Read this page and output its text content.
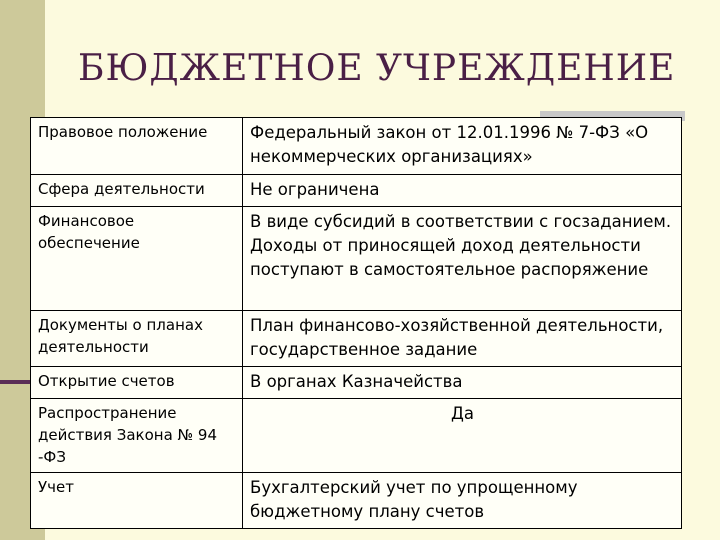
БЮДЖЕТНОЕ УЧРЕЖДЕНИЕ
Правовое положение	Федеральный закон от 12.01.1996 № 7-ФЗ «О некоммерческих организациях»
Сфера деятельности	Не ограничена
Финансовое обеспечение	В виде субсидий в соответствии с госзаданием. Доходы от приносящей доход деятельности поступают в самостоятельное распоряжение
Документы о планах деятельности	План финансово-хозяйственной деятельности, государственное задание
Открытие счетов	В органах Казначейства
Распространение действия Закона № 94 -ФЗ	Да
Учет	Бухгалтерский учет по упрощенному бюджетному плану счетов
